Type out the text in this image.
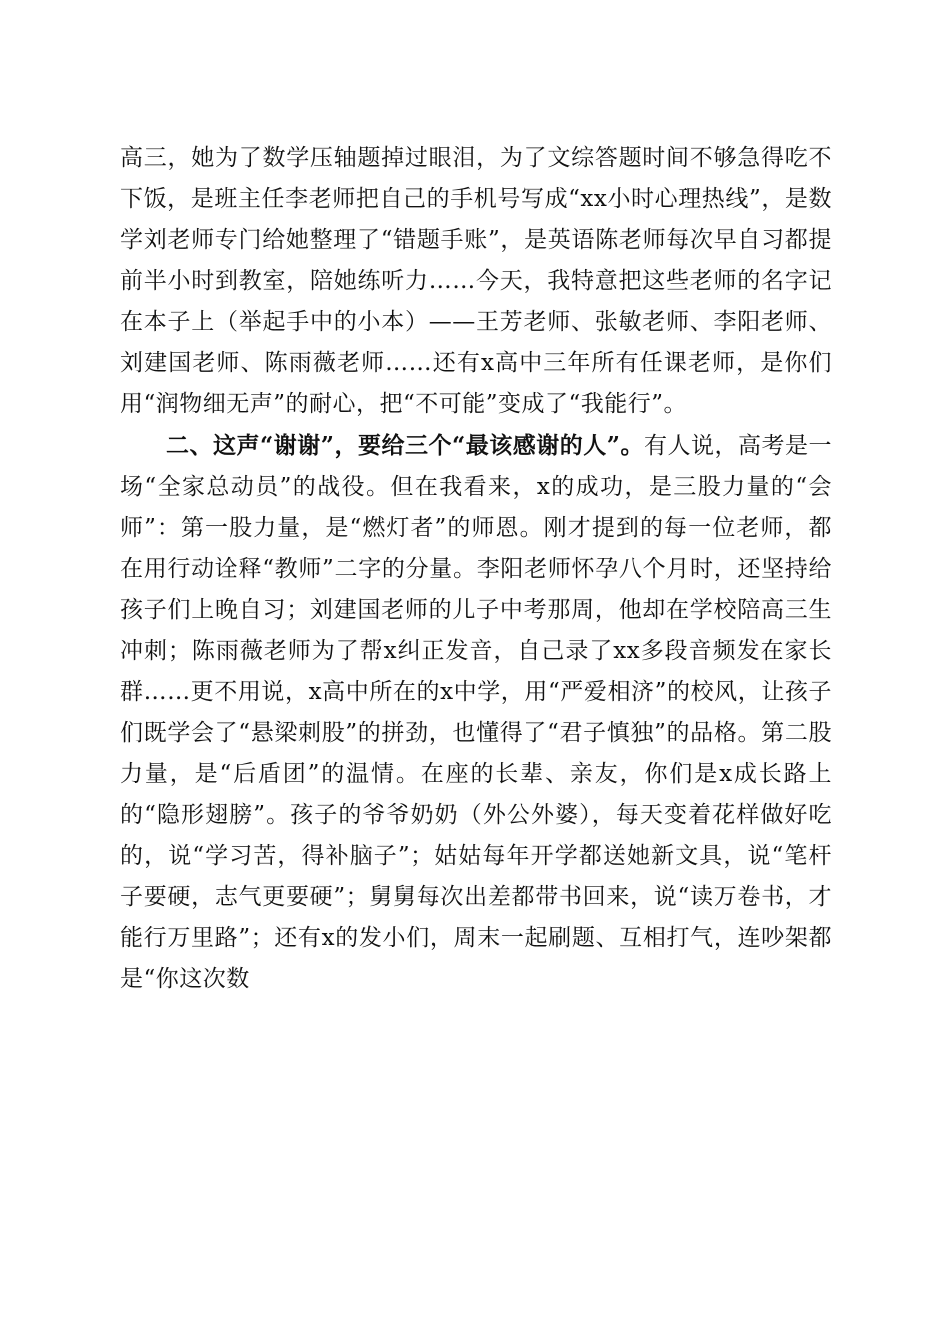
高三，她为了数学压轴题掉过眼泪，为了文综答题时间不够急得吃不下饭，是班主任李老师把自己的手机号写成“xx小时心理热线”，是数学刘老师专门给她整理了“错题手账”，是英语陈老师每次早自习都提前半小时到教室，陪她练听力……今天，我特意把这些老师的名字记在本子上（举起手中的小本）——王芳老师、张敏老师、李阳老师、刘建国老师、陈雨薇老师……还有x高中三年所有任课老师，是你们用“润物细无声”的耐心，把“不可能”变成了“我能行”。

二、这声“谢谢”，要给三个“最该感谢的人”。有人说，高考是一场“全家总动员”的战役。但在我看来，x的成功，是三股力量的“会师”：第一股力量，是“燃灯者”的师恩。刚才提到的每一位老师，都在用行动诠释“教师”二字的分量。李阳老师怀孕八个月时，还坚持给孩子们上晚自习；刘建国老师的儿子中考那周，他却在学校陪高三生冲刺；陈雨薇老师为了帮x纠正发音，自己录了xx多段音频发在家长群……更不用说，x高中所在的x中学，用“严爱相济”的校风，让孩子们既学会了“悬梁刺股”的拼劲，也懂得了“君子慎独”的品格。第二股力量，是“后盾团”的温情。在座的长辈、亲友，你们是x成长路上的“隐形翅膀”。孩子的爷爷奶奶（外公外婆），每天变着花样做好吃的，说“学习苦，得补脑子”；姑姑每年开学都送她新文具，说“笔杆子要硬，志气更要硬”；舅舅每次出差都带书回来，说“读万卷书，才能行万里路”；还有x的发小们，周末一起刷题、互相打气，连吵架都是“你这次数
